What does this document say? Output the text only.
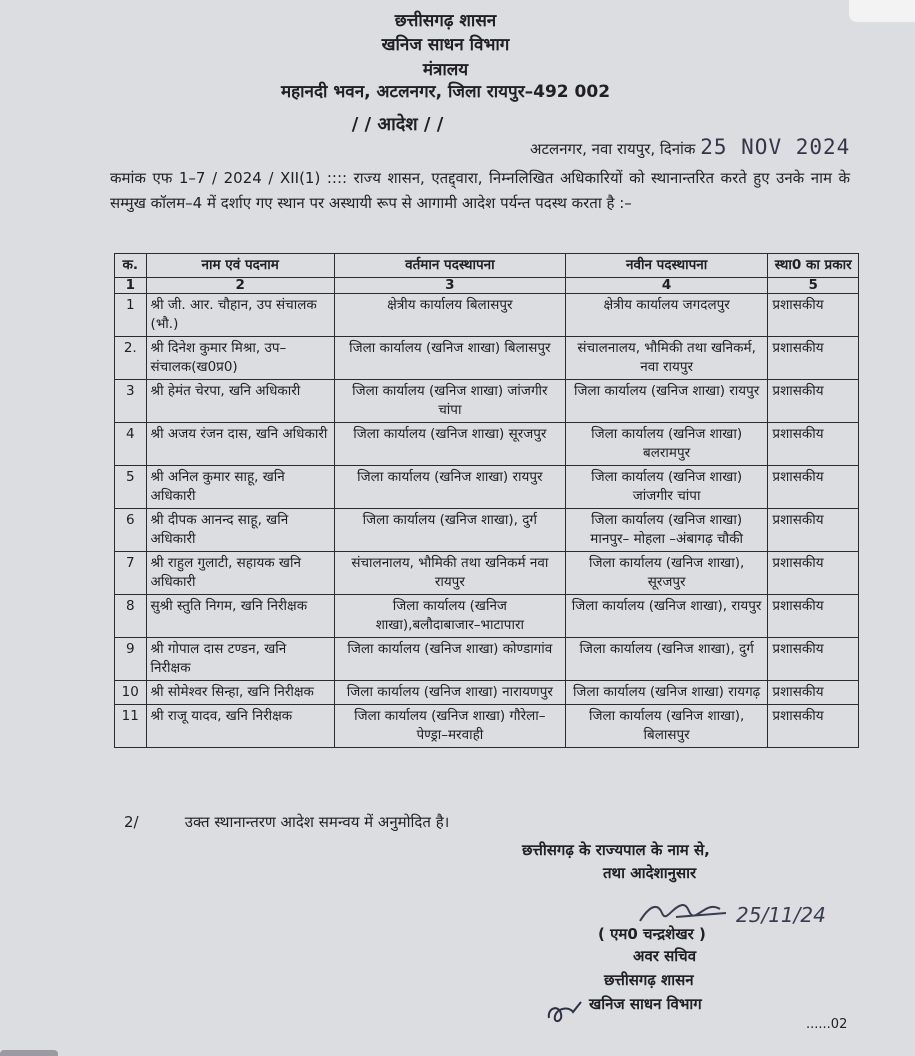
छत्तीसगढ़ शासन
खनिज साधन विभाग
मंत्रालय
महानदी भवन, अटलनगर, जिला रायपुर–492 002
/ / आदेश / /
अटलनगर, नवा रायपुर, दिनांक 25 NOV 2024
कमांक एफ 1–7 / 2024 / XII(1) :::: राज्य शासन, एतद्द्वारा, निम्नलिखित अधिकारियों को स्थानान्तरित करते हुए उनके नाम के सम्मुख कॉलम–4 में दर्शाए गए स्थान पर अस्थायी रूप से आगामी आदेश पर्यन्त पदस्थ करता है :–
क.	नाम एवं पदनाम	वर्तमान पदस्थापना	नवीन पदस्थापना	स्था0 का प्रकार
1	2	3	4	5
1	श्री जी. आर. चौहान, उप संचालक (भौ.)	क्षेत्रीय कार्यालय बिलासपुर	क्षेत्रीय कार्यालय जगदलपुर	प्रशासकीय
2.	श्री दिनेश कुमार मिश्रा, उप–संचालक(ख0प्र0)	जिला कार्यालय (खनिज शाखा) बिलासपुर	संचालनालय, भौमिकी तथा खनिकर्म, नवा रायपुर	प्रशासकीय
3	श्री हेमंत चेरपा, खनि अधिकारी	जिला कार्यालय (खनिज शाखा) जांजगीर चांपा	जिला कार्यालय (खनिज शाखा) रायपुर	प्रशासकीय
4	श्री अजय रंजन दास, खनि अधिकारी	जिला कार्यालय (खनिज शाखा) सूरजपुर	जिला कार्यालय (खनिज शाखा) बलरामपुर	प्रशासकीय
5	श्री अनिल कुमार साहू, खनि अधिकारी	जिला कार्यालय (खनिज शाखा) रायपुर	जिला कार्यालय (खनिज शाखा) जांजगीर चांपा	प्रशासकीय
6	श्री दीपक आनन्द साहू, खनि अधिकारी	जिला कार्यालय (खनिज शाखा), दुर्ग	जिला कार्यालय (खनिज शाखा) मानपुर– मोहला –अंबागढ़ चौकी	प्रशासकीय
7	श्री राहुल गुलाटी, सहायक खनि अधिकारी	संचालनालय, भौमिकी तथा खनिकर्म नवा रायपुर	जिला कार्यालय (खनिज शाखा), सूरजपुर	प्रशासकीय
8	सुश्री स्तुति निगम, खनि निरीक्षक	जिला कार्यालय (खनिज शाखा),बलौदाबाजार–भाटापारा	जिला कार्यालय (खनिज शाखा), रायपुर	प्रशासकीय
9	श्री गोपाल दास टण्डन, खनि निरीक्षक	जिला कार्यालय (खनिज शाखा) कोण्डागांव	जिला कार्यालय (खनिज शाखा), दुर्ग	प्रशासकीय
10	श्री सोमेश्वर सिन्हा, खनि निरीक्षक	जिला कार्यालय (खनिज शाखा) नारायणपुर	जिला कार्यालय (खनिज शाखा) रायगढ़	प्रशासकीय
11	श्री राजू यादव, खनि निरीक्षक	जिला कार्यालय (खनिज शाखा) गौरेला–पेण्ड्रा–मरवाही	जिला कार्यालय (खनिज शाखा), बिलासपुर	प्रशासकीय
2/	उक्त स्थानान्तरण आदेश समन्वय में अनुमोदित है।
छत्तीसगढ़ के राज्यपाल के नाम से,
तथा आदेशानुसार
25/11/24
( एम0 चन्द्रशेखर )
अवर सचिव
छत्तीसगढ़ शासन
खनिज साधन विभाग
......02
